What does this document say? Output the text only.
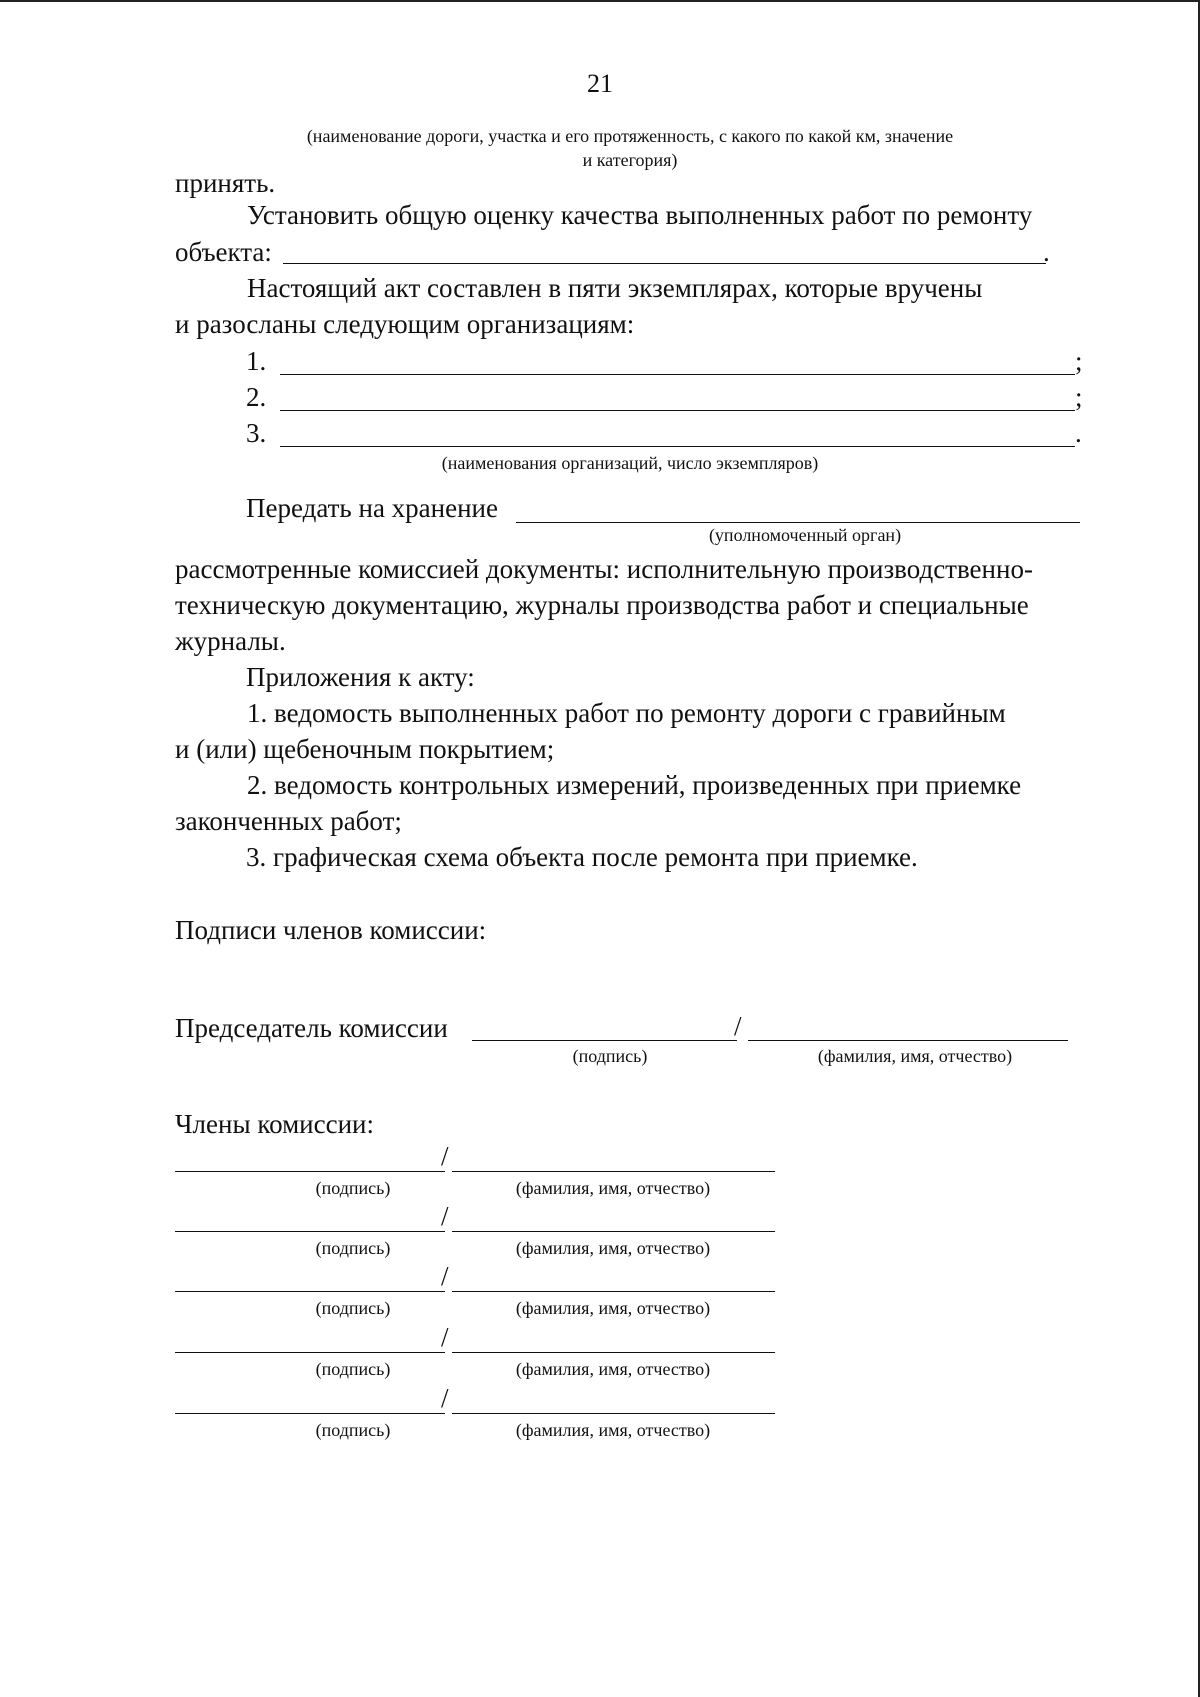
21
(наименование дороги, участка и его протяженность, с какого по какой км, значение
и категория)
принять.
Установить общую оценку качества выполненных работ по ремонту
объекта:	.
Настоящий акт составлен в пяти экземплярах, которые вручены
и разосланы следующим организациям:
1.	;
2.	;
3.	.
(наименования организаций, число экземпляров)
Передать на хранение
(уполномоченный орган)
рассмотренные комиссией документы: исполнительную производственно-
техническую документацию, журналы производства работ и специальные
журналы.
Приложения к акту:
1. ведомость выполненных работ по ремонту дороги с гравийным
и (или) щебеночным покрытием;
2. ведомость контрольных измерений, произведенных при приемке
законченных работ;
3. графическая схема объекта после ремонта при приемке.
Подписи членов комиссии:
Председатель комиссии	/
(подпись)	(фамилия, имя, отчество)
Члены комиссии:
/
(подпись)	(фамилия, имя, отчество)
/
(подпись)	(фамилия, имя, отчество)
/
(подпись)	(фамилия, имя, отчество)
/
(подпись)	(фамилия, имя, отчество)
/
(подпись)	(фамилия, имя, отчество)
